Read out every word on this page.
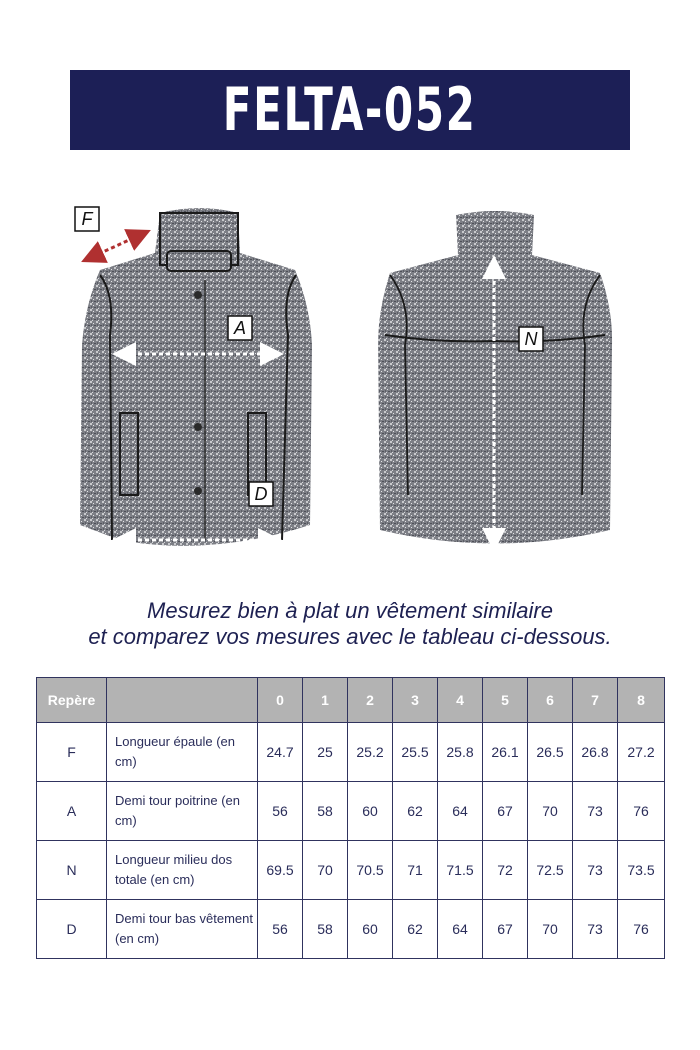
FELTA-052
F
A
D
N
Mesurez bien à plat un vêtement similaire
et comparez vos mesures avec le tableau ci-dessous.
Repère		0	1	2	3	4	5	6	7	8
F	Longueur épaule (en cm)	24.7	25	25.2	25.5	25.8	26.1	26.5	26.8	27.2
A	Demi tour poitrine (en cm)	56	58	60	62	64	67	70	73	76
N	Longueur milieu dos totale (en cm)	69.5	70	70.5	71	71.5	72	72.5	73	73.5
D	Demi tour bas vêtement (en cm)	56	58	60	62	64	67	70	73	76
